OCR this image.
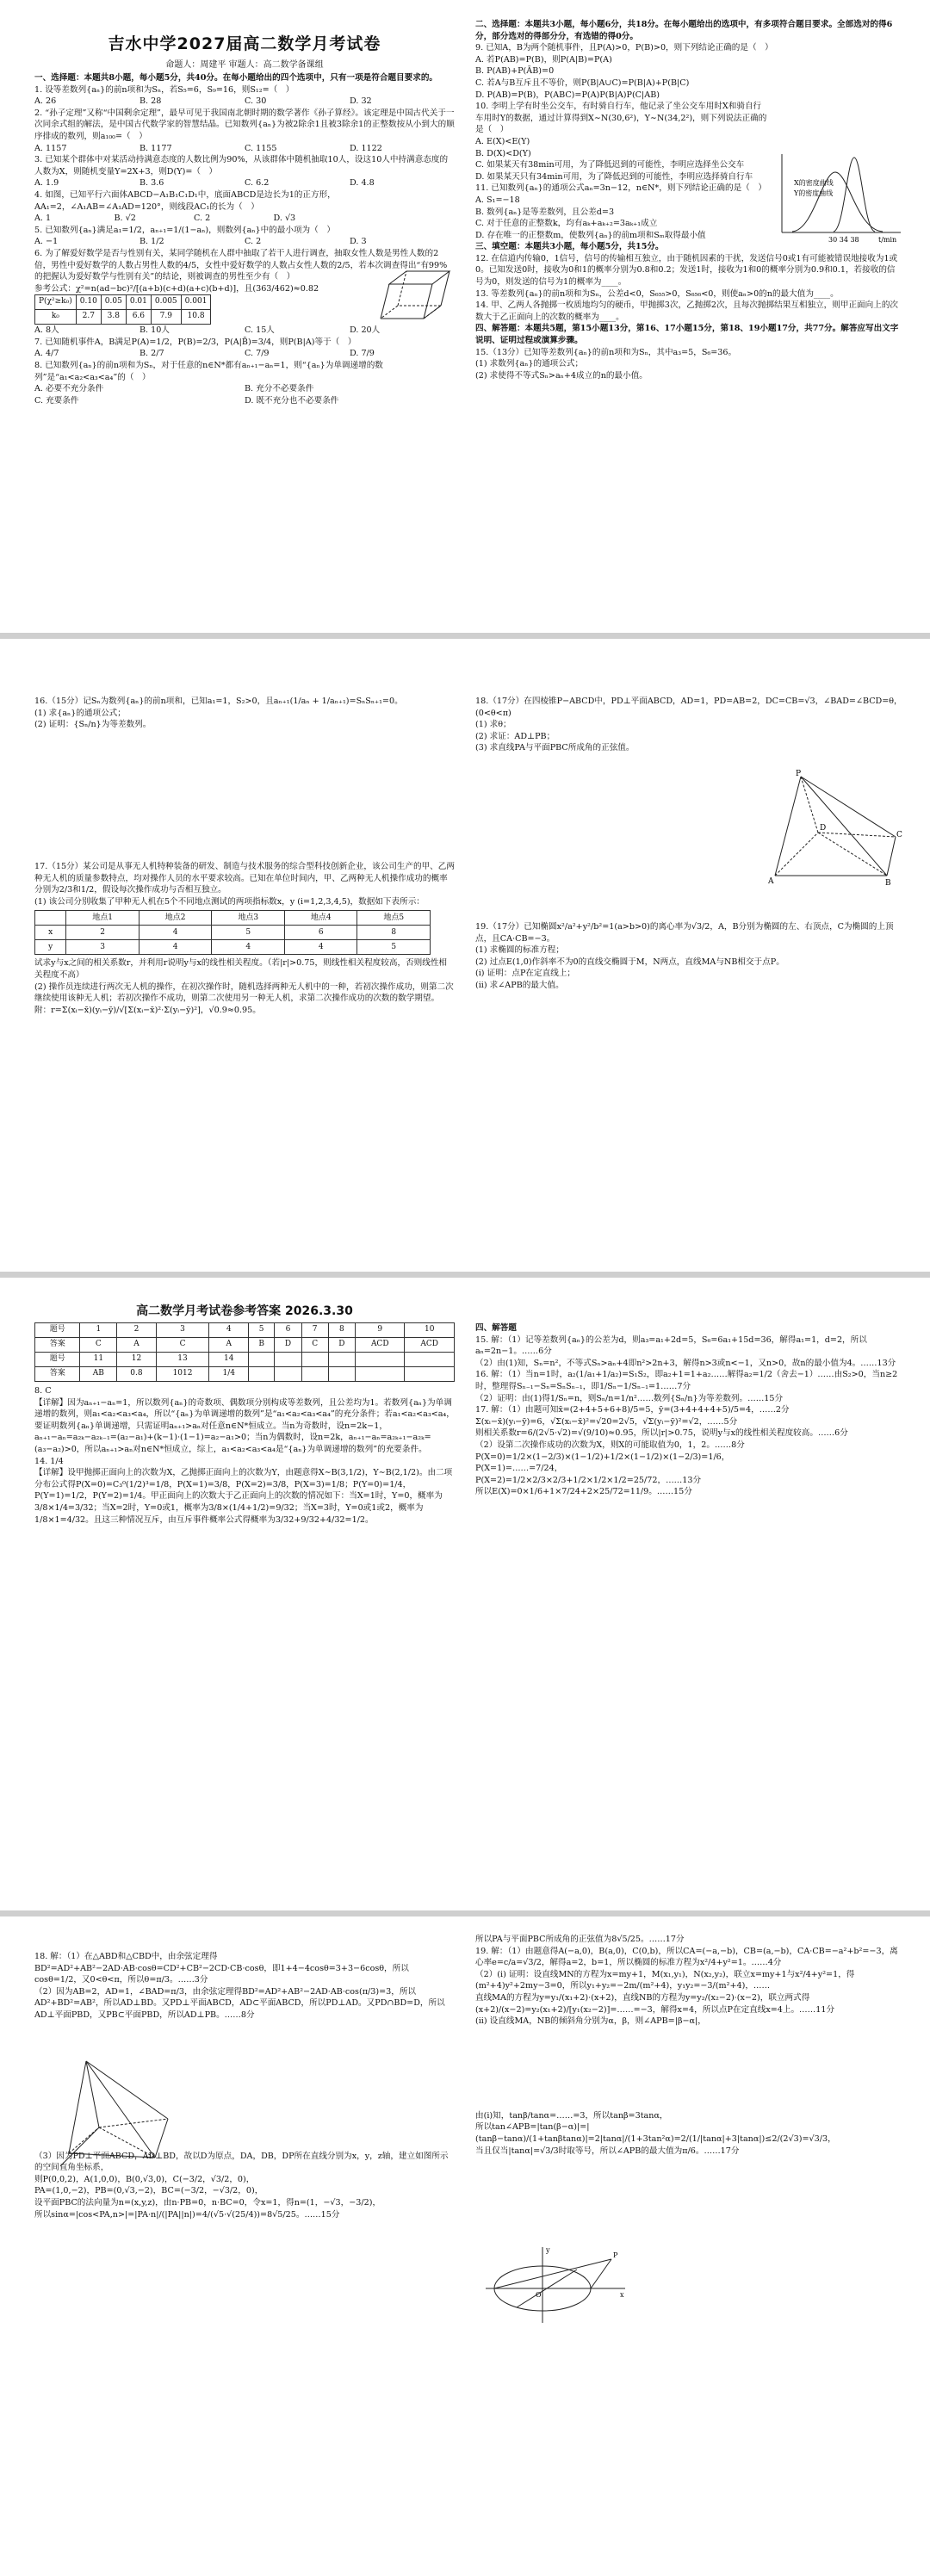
吉水中学2027届高二数学月考试卷
命题人：周建平 审题人：高二数学备课组

一、选择题：本题共8小题，每小题5分，共40分。在每小题给出的四个选项中，只有一项是符合题目要求的。

1. 设等差数列{aₙ}的前n项和为Sₙ，若S₅=6，S₉=16，则S₁₂=（　）

A. 26	B. 28	C. 30	D. 32

2. “孙子定理”又称“中国剩余定理”，最早可见于我国南北朝时期的数学著作《孙子算经》。该定理是中国古代关于一次同余式组的解法，是中国古代数学家的智慧结晶。已知数列{aₙ}为被2除余1且被3除余1的正整数按从小到大的顺序排成的数列，则a₁₀₀=（　）

A. 1157	B. 1177	C. 1155	D. 1122

3. 已知某个群体中对某活动持满意态度的人数比例为90%，从该群体中随机抽取10人，设这10人中持满意态度的人数为X，则随机变量Y=2X+3，则D(Y)=（　）

A. 1.9	B. 3.6	C. 6.2	D. 4.8

4. 如图，已知平行六面体ABCD−A₁B₁C₁D₁中，底面ABCD是边长为1的正方形，AA₁=2，∠A₁AB=∠A₁AD=120°，则线段AC₁的长为（　）

A. 1	B. √2	C. 2	D. √3

5. 已知数列{aₙ}满足a₁=1/2，aₙ₊₁=1/(1−aₙ)，则数列{aₙ}中的最小项为（　）

A. −1	B. 1/2	C. 2	D. 3

6. 为了解爱好数学是否与性别有关，某同学随机在人群中抽取了若干人进行调查，抽取女性人数是男性人数的2倍，男性中爱好数学的人数占男性人数的4/5，女性中爱好数学的人数占女性人数的2/5，若本次调查得出“有99%的把握认为爱好数学与性别有关”的结论，则被调查的男性至少有（　）

参考公式：χ²=n(ad−bc)²/[(a+b)(c+d)(a+c)(b+d)]，且(363/462)≈0.82

P(χ²≥k₀)	0.10	0.05	0.01	0.005	0.001
k₀	2.7	3.8	6.6	7.9	10.8
A. 8人	B. 10人	C. 15人	D. 20人

7. 已知随机事件A，B满足P(A)=1/2，P(B)=2/3，P(A|B̄)=3/4，则P(B|A)等于（　）

A. 4/7	B. 2/7	C. 7/9	D. 7/9

8. 已知数列{aₙ}的前n项和为Sₙ，对于任意的n∈N*都有aₙ₊₁−aₙ=1，则“{aₙ}为单调递增的数列”是“a₁<a₂<a₃<a₄”的（　）

A. 必要不充分条件	B. 充分不必要条件
C. 充要条件	D. 既不充分也不必要条件

二、选择题：本题共3小题，每小题6分，共18分。在每小题给出的选项中，有多项符合题目要求。全部选对的得6分，部分选对的得部分分，有选错的得0分。

9. 已知A，B为两个随机事件，且P(A)>0，P(B)>0，则下列结论正确的是（　）

A. 若P(AB)=P(B)，则P(A|B)=P(A)

B. P(AB)+P(ĀB)=0

C. 若A与B互斥且不等价，则P(B|A∪C)=P(B|A)+P(B|C)

D. P(AB)=P(B)，P(ABC)=P(A)P(B|A)P(C|AB)

10. 李明上学有时坐公交车，有时骑自行车，他记录了坐公交车用时X和骑自行车用时Y的数据，通过计算得到X∼N(30,6²)，Y∼N(34,2²)，则下列说法正确的是（　）

A. E(X)<E(Y)

B. D(X)<D(Y)

C. 如果某天有38min可用，为了降低迟到的可能性，李明应选择坐公交车

D. 如果某天只有34min可用，为了降低迟到的可能性，李明应选择骑自行车

11. 已知数列{aₙ}的通项公式aₙ=3n−12，n∈N*，则下列结论正确的是（　）

A. S₁=−18

B. 数列{aₙ}是等差数列，且公差d=3

C. 对于任意的正整数k，均有aₖ+aₖ₊₂=3aₖ₊₁成立

D. 存在唯一的正整数m，使数列{aₙ}的前m项和Sₘ取得最小值

三、填空题：本题共3小题，每小题5分，共15分。

12. 在信道内传输0，1信号，信号的传输相互独立，由于随机因素的干扰，发送信号0或1有可能被错误地接收为1或0。已知发送0时，接收为0和1的概率分别为0.8和0.2；发送1时，接收为1和0的概率分别为0.9和0.1，若接收的信号为0，则发送的信号为1的概率为____。

13. 等差数列{aₙ}的前n项和为Sₙ，公差d<0，S₆₅₅>0，S₆₅₆<0，则使aₙ>0的n的最大值为____。

14. 甲、乙两人各抛掷一枚质地均匀的硬币，甲抛掷3次，乙抛掷2次，且每次抛掷结果互相独立，则甲正面向上的次数大于乙正面向上的次数的概率为____。

四、解答题：本题共5题，第15小题13分，第16、17小题15分，第18、19小题17分，共77分。解答应写出文字说明、证明过程或演算步骤。

15.（13分）已知等差数列{aₙ}的前n项和为Sₙ，其中a₃=5，S₆=36。

(1) 求数列{aₙ}的通项公式；

(2) 求使得不等式Sₙ>aₙ+4成立的n的最小值。

X的密度曲线
Y的密度曲线
30 34 38	t/min

16.（15分）记Sₙ为数列{aₙ}的前n项和，已知a₁=1，S₂>0，且aₙ₊₁(1/aₙ + 1/aₙ₊₁)=SₙSₙ₊₁=0。

(1) 求{aₙ}的通项公式；

(2) 证明：{Sₙ/n}为等差数列。

17.（15分）某公司是从事无人机特种装备的研发、制造与技术服务的综合型科技创新企业，该公司生产的甲、乙两种无人机的质量参数特点，均对操作人员的水平要求较高。已知在单位时间内，甲、乙两种无人机操作成功的概率分别为2/3和1/2，假设每次操作成功与否相互独立。

(1) 该公司分别收集了甲种无人机在5个不同地点测试的两项指标数x，y (i=1,2,3,4,5)，数据如下表所示：

	地点1	地点2	地点3	地点4	地点5
x	2	4	5	6	8
y	3	4	4	4	5

试求y与x之间的相关系数r，并利用r说明y与x的线性相关程度。（若|r|>0.75，则线性相关程度较高，否则线性相关程度不高）

(2) 操作员连续进行两次无人机的操作，在初次操作时，随机选择两种无人机中的一种，若初次操作成功，则第二次继续使用该种无人机；若初次操作不成功，则第二次使用另一种无人机，求第二次操作成功的次数的数学期望。

附：r=Σ(xᵢ−x̄)(yᵢ−ȳ)/√[Σ(xᵢ−x̄)²·Σ(yᵢ−ȳ)²]，√0.9≈0.95。

18.（17分）在四棱锥P−ABCD中，PD⊥平面ABCD，AD=1，PD=AB=2，DC=CB=√3，∠BAD=∠BCD=θ，(0<θ<π)

(1) 求θ；

(2) 求证：AD⊥PB；

(3) 求直线PA与平面PBC所成角的正弦值。

P
A	B
C
D

19.（17分）已知椭圆x²/a²+y²/b²=1(a>b>0)的离心率为√3/2，A，B分别为椭圆的左、右顶点，C为椭圆的上顶点，且CA·CB=−3。

(1) 求椭圆的标准方程；

(2) 过点E(1,0)作斜率不为0的直线交椭圆于M，N两点，直线MA与NB相交于点P。

(i) 证明：点P在定直线上；

(ii) 求∠APB的最大值。

高二数学月考试卷参考答案 2026.3.30
题号	1	2	3	4	5	6	7	8	9	10
答案	C	A	C	A	B	D	C	D	ACD	ACD
题号	11	12	13	14						
答案	AB	0.8	1012	1/4						

8. C

【详解】因为aₙ₊₁−aₙ=1，所以数列{aₙ}的奇数项、偶数项分别构成等差数列，且公差均为1。若数列{aₙ}为单调递增的数列，则a₁<a₂<a₃<a₄，所以“{aₙ}为单调递增的数列”是“a₁<a₂<a₃<a₄”的充分条件；若a₁<a₂<a₃<a₄，要证明数列{aₙ}单调递增，只需证明aₙ₊₁>aₙ对任意n∈N*恒成立。当n为奇数时，设n=2k−1，aₙ₊₁−aₙ=a₂ₖ−a₂ₖ₋₁=(a₂−a₁)+(k−1)·(1−1)=a₂−a₁>0；当n为偶数时，设n=2k，aₙ₊₁−aₙ=a₂ₖ₊₁−a₂ₖ=(a₃−a₂)>0，所以aₙ₊₁>aₙ对n∈N*恒成立，综上，a₁<a₂<a₃<a₄是“{aₙ}为单调递增的数列”的充要条件。

14. 1/4

【详解】设甲抛掷正面向上的次数为X，乙抛掷正面向上的次数为Y，由题意得X∼B(3,1/2)，Y∼B(2,1/2)。由二项分布公式得P(X=0)=C₃⁰(1/2)³=1/8，P(X=1)=3/8，P(X=2)=3/8，P(X=3)=1/8；P(Y=0)=1/4，P(Y=1)=1/2，P(Y=2)=1/4。甲正面向上的次数大于乙正面向上的次数的情况如下：当X=1时，Y=0，概率为3/8×1/4=3/32；当X=2时，Y=0或1，概率为3/8×(1/4+1/2)=9/32；当X=3时，Y=0或1或2，概率为1/8×1=4/32。且这三种情况互斥，由互斥事件概率公式得概率为3/32+9/32+4/32=1/2。

四、解答题

15. 解：（1）记等差数列{aₙ}的公差为d，则a₃=a₁+2d=5，S₆=6a₁+15d=36，解得a₁=1，d=2，所以aₙ=2n−1。……6分

（2）由(1)知，Sₙ=n²，不等式Sₙ>aₙ+4即n²>2n+3，解得n>3或n<−1，又n>0，故n的最小值为4。……13分

16. 解：（1）当n=1时，a₂(1/a₁+1/a₂)=S₁S₂，即a₂+1=1+a₂……解得a₂=1/2（舍去−1）……由S₂>0，当n≥2时，整理得Sₙ₋₁−Sₙ=SₙSₙ₋₁，即1/Sₙ−1/Sₙ₋₁=1……7分

（2）证明：由(1)得1/Sₙ=n，则Sₙ/n=1/n²……数列{Sₙ/n}为等差数列。……15分

17. 解：（1）由题可知x̄=(2+4+5+6+8)/5=5，ȳ=(3+4+4+4+5)/5=4，……2分

Σ(xᵢ−x̄)(yᵢ−ȳ)=6，√Σ(xᵢ−x̄)²=√20=2√5，√Σ(yᵢ−ȳ)²=√2，……5分

则相关系数r=6/(2√5·√2)=√(9/10)≈0.95，所以|r|>0.75，说明y与x的线性相关程度较高。……6分

（2）设第二次操作成功的次数为X，则X的可能取值为0，1，2。……8分

P(X=0)=1/2×(1−2/3)×(1−1/2)+1/2×(1−1/2)×(1−2/3)=1/6，

P(X=1)=……=7/24，

P(X=2)=1/2×2/3×2/3+1/2×1/2×1/2=25/72，……13分

所以E(X)=0×1/6+1×7/24+2×25/72=11/9。……15分

18. 解：（1）在△ABD和△CBD中，由余弦定理得

BD²=AD²+AB²−2AD·AB·cosθ=CD²+CB²−2CD·CB·cosθ，即1+4−4cosθ=3+3−6cosθ，所以cosθ=1/2，又0<θ<π，所以θ=π/3。……3分

（2）因为AB=2，AD=1，∠BAD=π/3，由余弦定理得BD²=AD²+AB²−2AD·AB·cos(π/3)=3，所以AD²+BD²=AB²，所以AD⊥BD。又PD⊥平面ABCD，AD⊂平面ABCD，所以PD⊥AD。又PD∩BD=D，所以AD⊥平面PBD，又PB⊂平面PBD，所以AD⊥PB。……8分

（3）因为PD⊥平面ABCD，AD⊥BD，故以D为原点，DA，DB，DP所在直线分别为x，y，z轴，建立如图所示的空间直角坐标系，

则P(0,0,2)，A(1,0,0)，B(0,√3,0)，C(−3/2，√3/2，0)，

PA=(1,0,−2)，PB=(0,√3,−2)，BC=(−3/2，−√3/2，0)，

设平面PBC的法向量为n=(x,y,z)，由n·PB=0，n·BC=0，令x=1，得n=(1，−√3，−3/2)，

所以sinα=|cos<PA,n>|=|PA·n|/(|PA||n|)=4/(√5·√(25/4))=8√5/25。……15分

所以PA与平面PBC所成角的正弦值为8√5/25。……17分

19. 解：（1）由题意得A(−a,0)，B(a,0)，C(0,b)，所以CA=(−a,−b)，CB=(a,−b)，CA·CB=−a²+b²=−3，离心率e=c/a=√3/2，解得a=2，b=1，所以椭圆的标准方程为x²/4+y²=1。……4分

（2）(i) 证明：设直线MN的方程为x=my+1，M(x₁,y₁)，N(x₂,y₂)，联立x=my+1与x²/4+y²=1，得(m²+4)y²+2my−3=0，所以y₁+y₂=−2m/(m²+4)，y₁y₂=−3/(m²+4)，……

直线MA的方程为y=y₁/(x₁+2)·(x+2)，直线NB的方程为y=y₂/(x₂−2)·(x−2)，联立两式得(x+2)/(x−2)=y₂(x₁+2)/[y₁(x₂−2)]=……=−3，解得x=4，所以点P在定直线x=4上。……11分

(ii) 设直线MA，NB的倾斜角分别为α，β，则∠APB=|β−α|，

由(i)知，tanβ/tanα=……=3，所以tanβ=3tanα，

所以tan∠APB=|tan(β−α)|=|(tanβ−tanα)/(1+tanβtanα)|=2|tanα|/(1+3tan²α)=2/(1/|tanα|+3|tanα|)≤2/(2√3)=√3/3，

当且仅当|tanα|=√3/3时取等号，所以∠APB的最大值为π/6。……17分

y
x
O
P
